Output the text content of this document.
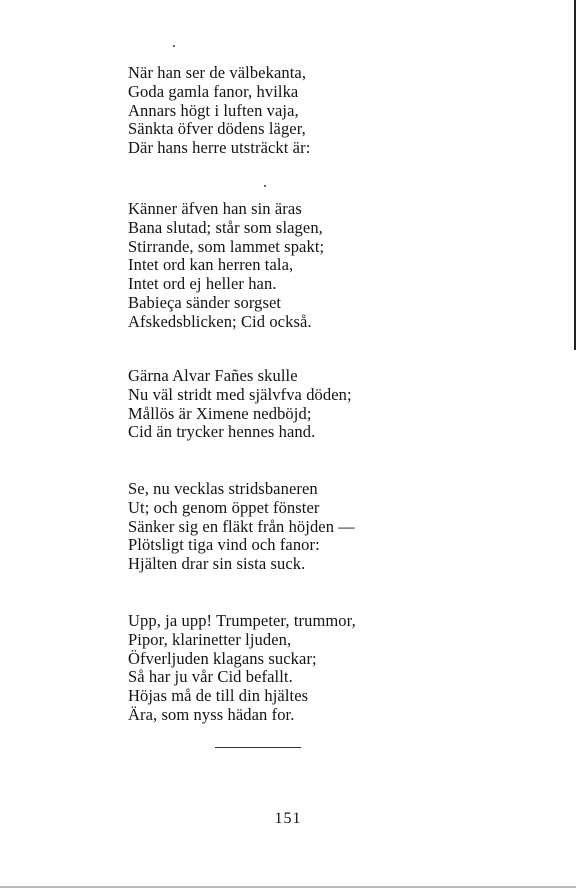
När han ser de välbekanta,
Goda gamla fanor, hvilka
Annars högt i luften vaja,
Sänkta öfver dödens läger,
Där hans herre utsträckt är:
Känner äfven han sin äras
Bana slutad; står som slagen,
Stirrande, som lammet spakt;
Intet ord kan herren tala,
Intet ord ej heller han.
Babieça sänder sorgset
Afskedsblicken; Cid också.
Gärna Alvar Fañes skulle
Nu väl stridt med självfva döden;
Mållös är Ximene nedböjd;
Cid än trycker hennes hand.
Se, nu vecklas stridsbaneren
Ut; och genom öppet fönster
Sänker sig en fläkt från höjden —
Plötsligt tiga vind och fanor:
Hjälten drar sin sista suck.
Upp, ja upp! Trumpeter, trummor,
Pipor, klarinetter ljuden,
Öfverljuden klagans suckar;
Så har ju vår Cid befallt.
Höjas må de till din hjältes
Ära, som nyss hädan for.
151
